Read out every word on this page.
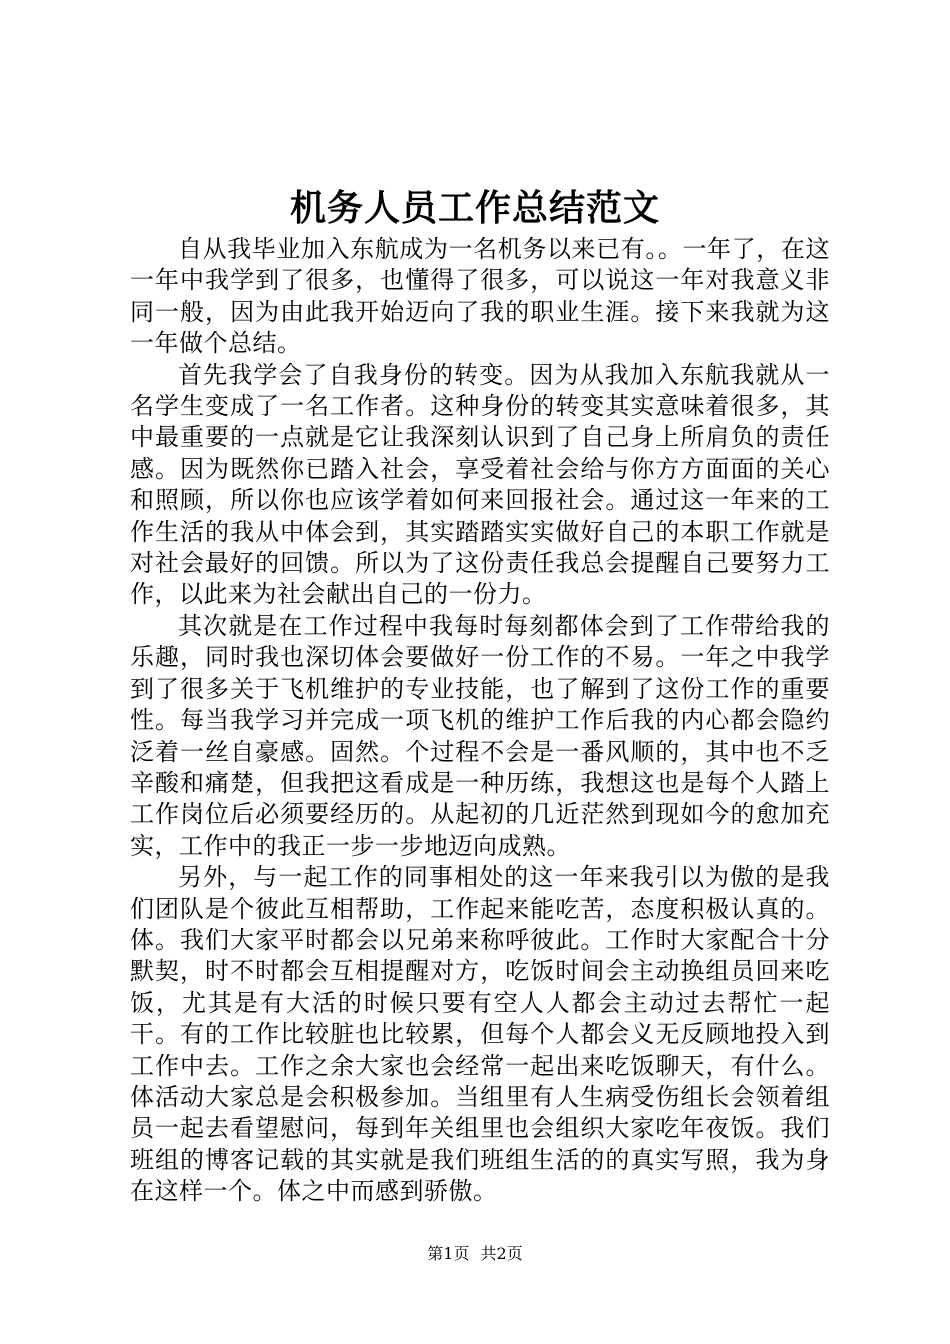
机务人员工作总结范文

自从我毕业加入东航成为一名机务以来已有。。一年了，在这一年中我学到了很多，也懂得了很多，可以说这一年对我意义非同一般，因为由此我开始迈向了我的职业生涯。接下来我就为这一年做个总结。

首先我学会了自我身份的转变。因为从我加入东航我就从一名学生变成了一名工作者。这种身份的转变其实意味着很多，其中最重要的一点就是它让我深刻认识到了自己身上所肩负的责任感。因为既然你已踏入社会，享受着社会给与你方方面面的关心和照顾，所以你也应该学着如何来回报社会。通过这一年来的工作生活的我从中体会到，其实踏踏实实做好自己的本职工作就是对社会最好的回馈。所以为了这份责任我总会提醒自己要努力工作，以此来为社会献出自己的一份力。

其次就是在工作过程中我每时每刻都体会到了工作带给我的乐趣，同时我也深切体会要做好一份工作的不易。一年之中我学到了很多关于飞机维护的专业技能，也了解到了这份工作的重要性。每当我学习并完成一项飞机的维护工作后我的内心都会隐约泛着一丝自豪感。固然。个过程不会是一番风顺的，其中也不乏辛酸和痛楚，但我把这看成是一种历练，我想这也是每个人踏上工作岗位后必须要经历的。从起初的几近茫然到现如今的愈加充实，工作中的我正一步一步地迈向成熟。

另外，与一起工作的同事相处的这一年来我引以为傲的是我们团队是个彼此互相帮助，工作起来能吃苦，态度积极认真的。体。我们大家平时都会以兄弟来称呼彼此。工作时大家配合十分默契，时不时都会互相提醒对方，吃饭时间会主动换组员回来吃饭，尤其是有大活的时候只要有空人人都会主动过去帮忙一起干。有的工作比较脏也比较累，但每个人都会义无反顾地投入到工作中去。工作之余大家也会经常一起出来吃饭聊天，有什么。体活动大家总是会积极参加。当组里有人生病受伤组长会领着组员一起去看望慰问，每到年关组里也会组织大家吃年夜饭。我们班组的博客记载的其实就是我们班组生活的的真实写照，我为身在这样一个。体之中而感到骄傲。

第1页 共2页
